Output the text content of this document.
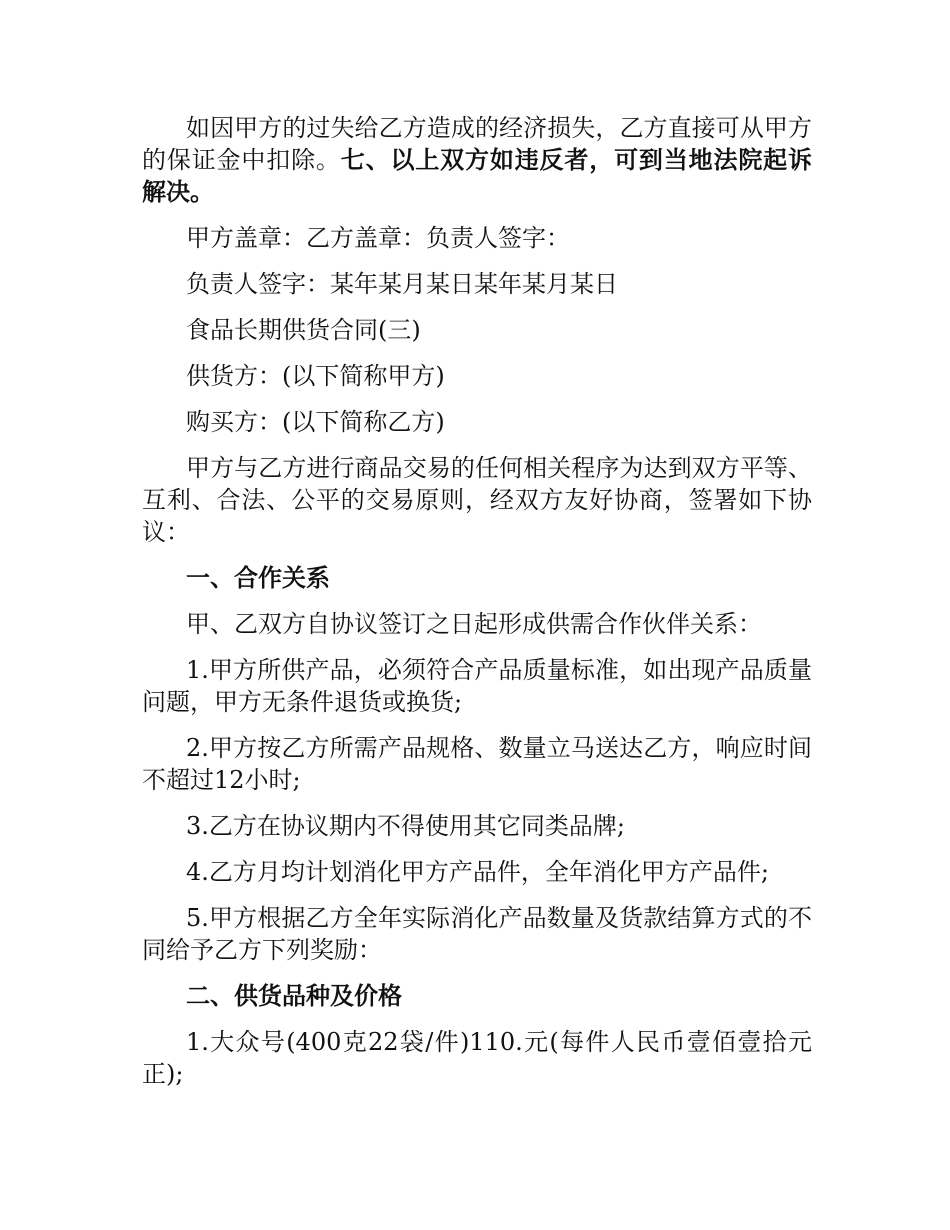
如因甲方的过失给乙方造成的经济损失，乙方直接可从甲方的保证金中扣除。七、以上双方如违反者，可到当地法院起诉解决。

甲方盖章：乙方盖章：负责人签字：

负责人签字：某年某月某日某年某月某日

食品长期供货合同(三)

供货方：(以下简称甲方)

购买方：(以下简称乙方)

甲方与乙方进行商品交易的任何相关程序为达到双方平等、互利、合法、公平的交易原则，经双方友好协商，签署如下协议：

一、合作关系

甲、乙双方自协议签订之日起形成供需合作伙伴关系：

1.甲方所供产品，必须符合产品质量标准，如出现产品质量问题，甲方无条件退货或换货;

2.甲方按乙方所需产品规格、数量立马送达乙方，响应时间不超过12小时;

3.乙方在协议期内不得使用其它同类品牌;

4.乙方月均计划消化甲方产品件，全年消化甲方产品件;

5.甲方根据乙方全年实际消化产品数量及货款结算方式的不同给予乙方下列奖励：

二、供货品种及价格

1.大众号(400克22袋/件)110.元(每件人民币壹佰壹拾元正);
